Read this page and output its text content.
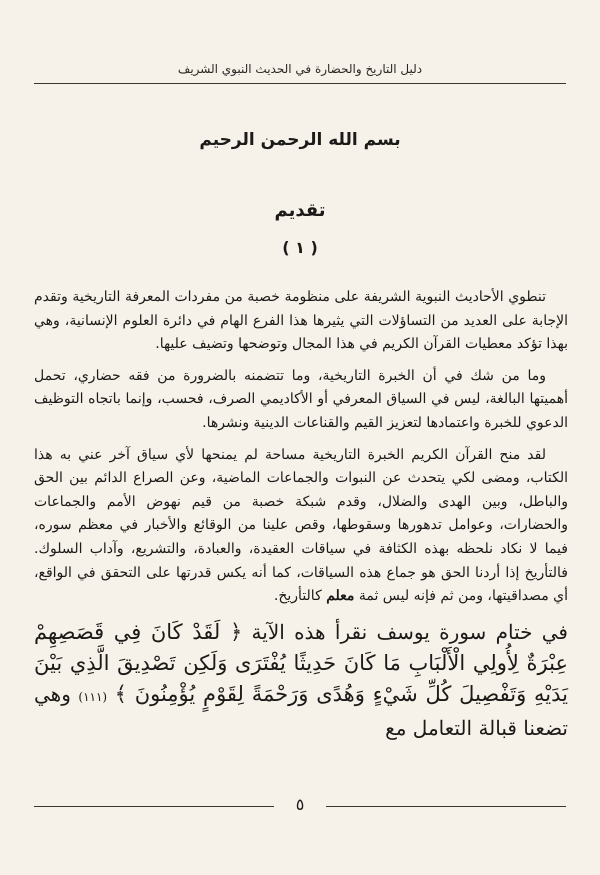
دليل التاريخ والحضارة في الحديث النبوي الشريف
بسم الله الرحمن الرحيم
تقديم
( ١ )

تنطوي الأحاديث النبوية الشريفة على منظومة خصبة من مفردات المعرفة التاريخية وتقدم الإجابة على العديد من التساؤلات التي يثيرها هذا الفرع الهام في دائرة العلوم الإنسانية، وهي بهذا تؤكد معطيات القرآن الكريم في هذا المجال وتوضحها وتضيف عليها.

وما من شك في أن الخبرة التاريخية، وما تتضمنه بالضرورة من فقه حضاري، تحمل أهميتها البالغة، ليس في السياق المعرفي أو الأكاديمي الصرف، فحسب، وإنما باتجاه التوظيف الدعوي للخبرة واعتمادها لتعزيز القيم والقناعات الدينية ونشرها.

لقد منح القرآن الكريم الخبرة التاريخية مساحة لم يمنحها لأي سياق آخر عني به هذا الكتاب، ومضى لكي يتحدث عن النبوات والجماعات الماضية، وعن الصراع الدائم بين الحق والباطل، وبين الهدى والضلال، وقدم شبكة خصبة من قيم نهوض الأمم والجماعات والحضارات، وعوامل تدهورها وسقوطها، وقص علينا من الوقائع والأخبار في معظم سوره، فيما لا نكاد نلحظه بهذه الكثافة في سياقات العقيدة، والعبادة، والتشريع، وآداب السلوك. فالتأريخ إذا أردنا الحق هو جماع هذه السياقات، كما أنه يكس قدرتها على التحقق في الواقع، أي مصداقيتها، ومن ثم فإنه ليس ثمة معلم كالتأريخ.

في ختام سورة يوسف نقرأ هذه الآية ﴿ لَقَدْ كَانَ فِي قَصَصِهِمْ عِبْرَةٌ لِأُولِي الْأَلْبَابِ مَا كَانَ حَدِيثًا يُفْتَرَى وَلَكِن تَصْدِيقَ الَّذِي بَيْنَ يَدَيْهِ وَتَفْصِيلَ كُلِّ شَيْءٍ وَهُدًى وَرَحْمَةً لِقَوْمٍ يُؤْمِنُونَ ﴾ (١١١) وهي تضعنا قبالة التعامل مع

٥
